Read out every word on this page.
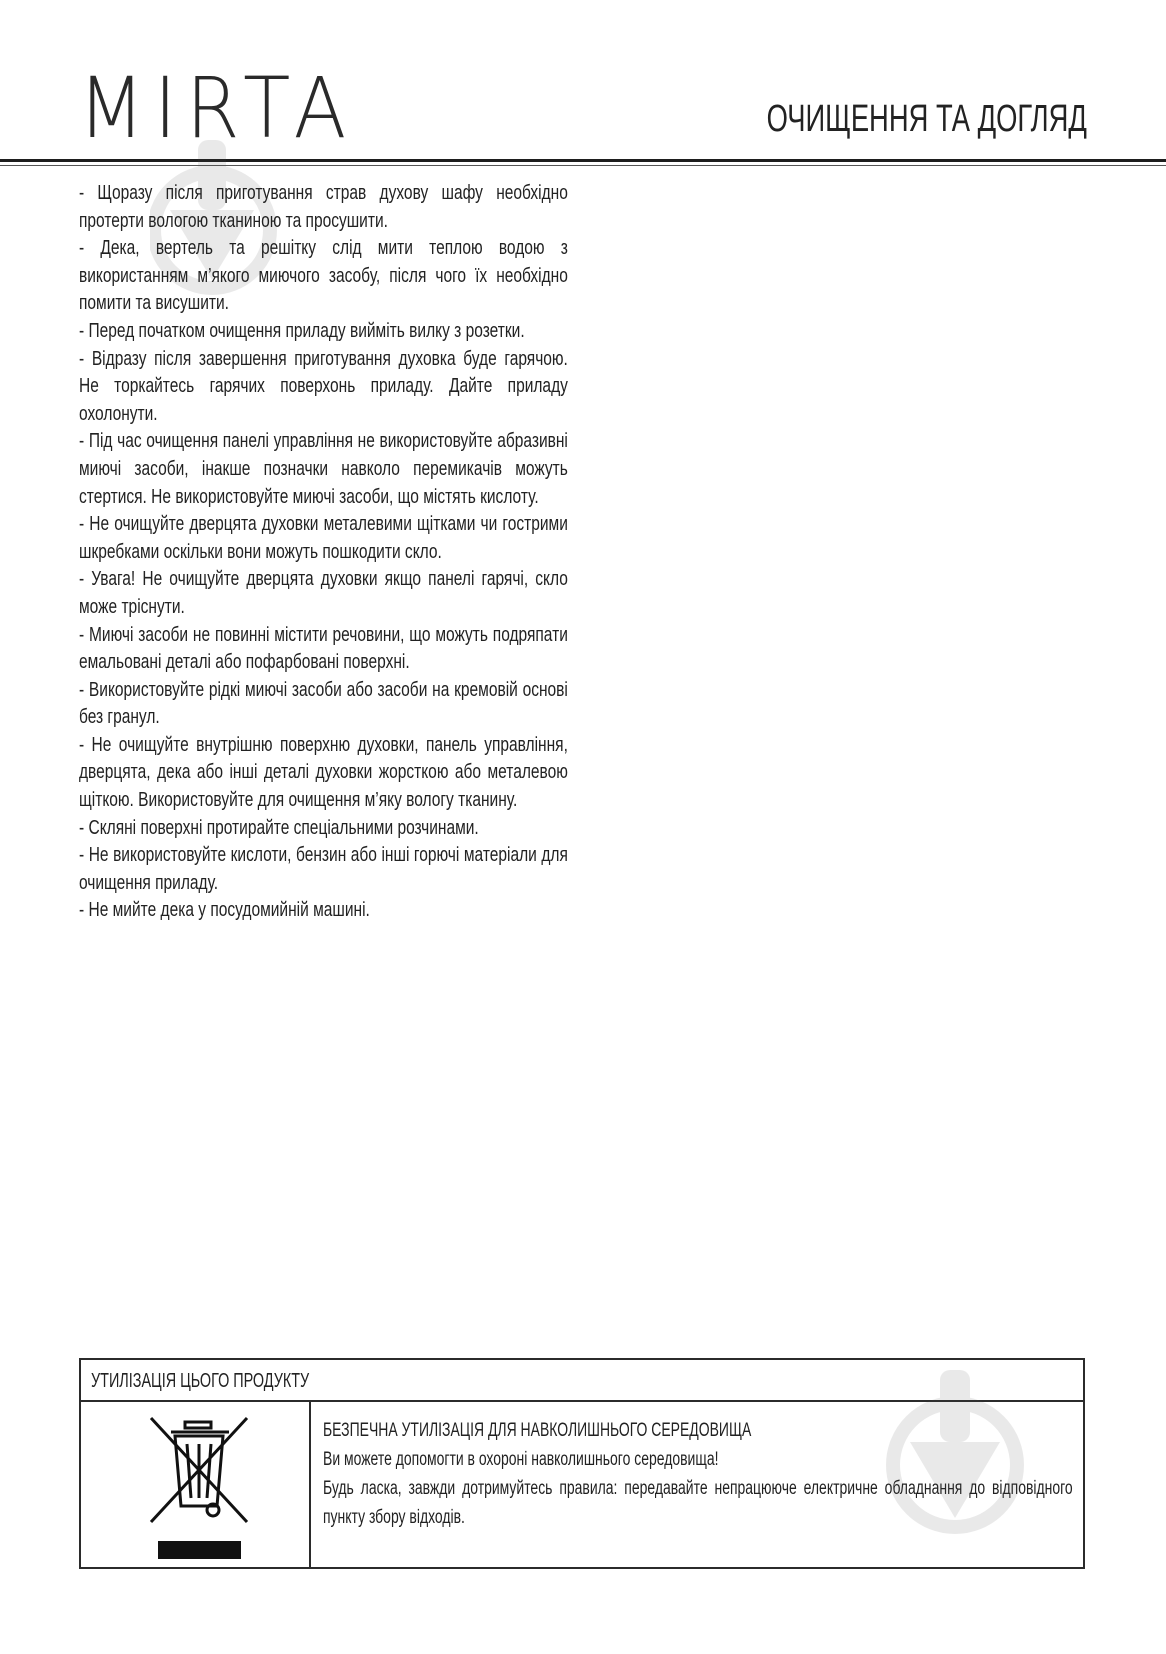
MIRTA	ОЧИЩЕННЯ ТА ДОГЛЯД

- Щоразу після приготування страв духову шафу необхідно протерти вологою тканиною та просушити.

- Дека, вертель та решітку слід мити теплою водою з використанням м’якого миючого засобу, після чого їх необхідно помити та висушити.

- Перед початком очищення приладу вийміть вилку з розетки.

- Відразу після завершення приготування духовка буде гарячою. Не торкайтесь гарячих поверхонь приладу. Дайте приладу охолонути.

- Під час очищення панелі управління не використовуйте абразивні миючі засоби, інакше позначки навколо перемикачів можуть стертися. Не використовуйте миючі засоби, що містять кислоту.

- Не очищуйте дверцята духовки металевими щітками чи гострими шкребками оскільки вони можуть пошкодити скло.

- Увага! Не очищуйте дверцята духовки якщо панелі гарячі, скло може тріснути.

- Миючі засоби не повинні містити речовини, що можуть подряпати емальовані деталі або пофарбовані поверхні.

- Використовуйте рідкі миючі засоби або засоби на кремовій основі без гранул.

- Не очищуйте внутрішню поверхню духовки, панель управління, дверцята, дека або інші деталі духовки жорсткою або металевою щіткою. Використовуйте для очищення м’яку вологу тканину.

- Скляні поверхні протирайте спеціальними розчинами.

- Не використовуйте кислоти, бензин або інші горючі матеріали для очищення приладу.

- Не мийте дека у посудомийній машині.

УТИЛІЗАЦІЯ ЦЬОГО ПРОДУКТУ

БЕЗПЕЧНА УТИЛІЗАЦІЯ ДЛЯ НАВКОЛИШНЬОГО СЕРЕДОВИЩА

Ви можете допомогти в охороні навколишнього середовища!

Будь ласка, завжди дотримуйтесь правила: передавайте непрацююче електричне обладнання до відповідного пункту збору відходів.
